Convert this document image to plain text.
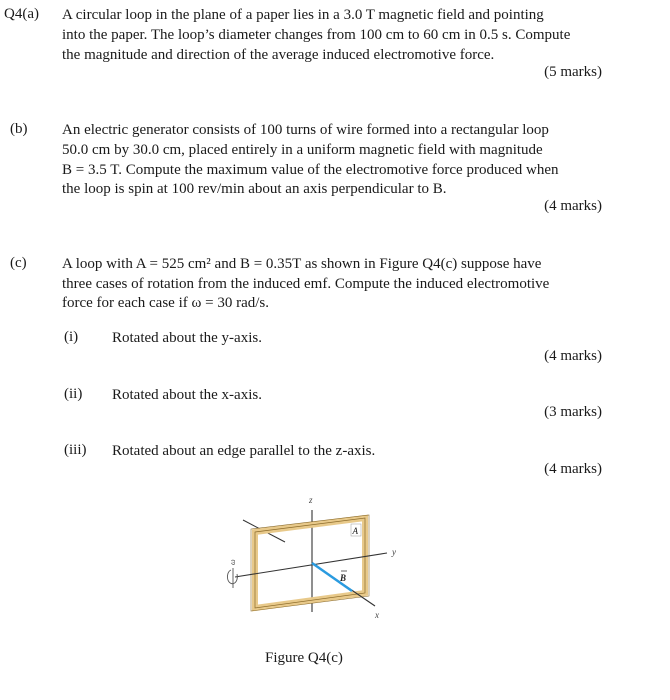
Q4(a) A circular loop in the plane of a paper lies in a 3.0 T magnetic field and pointing
into the paper. The loop’s diameter changes from 100 cm to 60 cm in 0.5 s. Compute
the magnitude and direction of the average induced electromotive force.
(5 marks)
(b) An electric generator consists of 100 turns of wire formed into a rectangular loop
50.0 cm by 30.0 cm, placed entirely in a uniform magnetic field with magnitude
B = 3.5 T. Compute the maximum value of the electromotive force produced when
the loop is spin at 100 rev/min about an axis perpendicular to B.
(4 marks)
(c) A loop with A = 525 cm² and B = 0.35T as shown in Figure Q4(c) suppose have
three cases of rotation from the induced emf. Compute the induced electromotive
force for each case if ω = 30 rad/s.
(i) Rotated about the y-axis.
(4 marks)
(ii) Rotated about the x-axis.
(3 marks)
(iii) Rotated about an edge parallel to the z-axis.
(4 marks)
z
y
x
B
A
ω
Figure Q4(c)
